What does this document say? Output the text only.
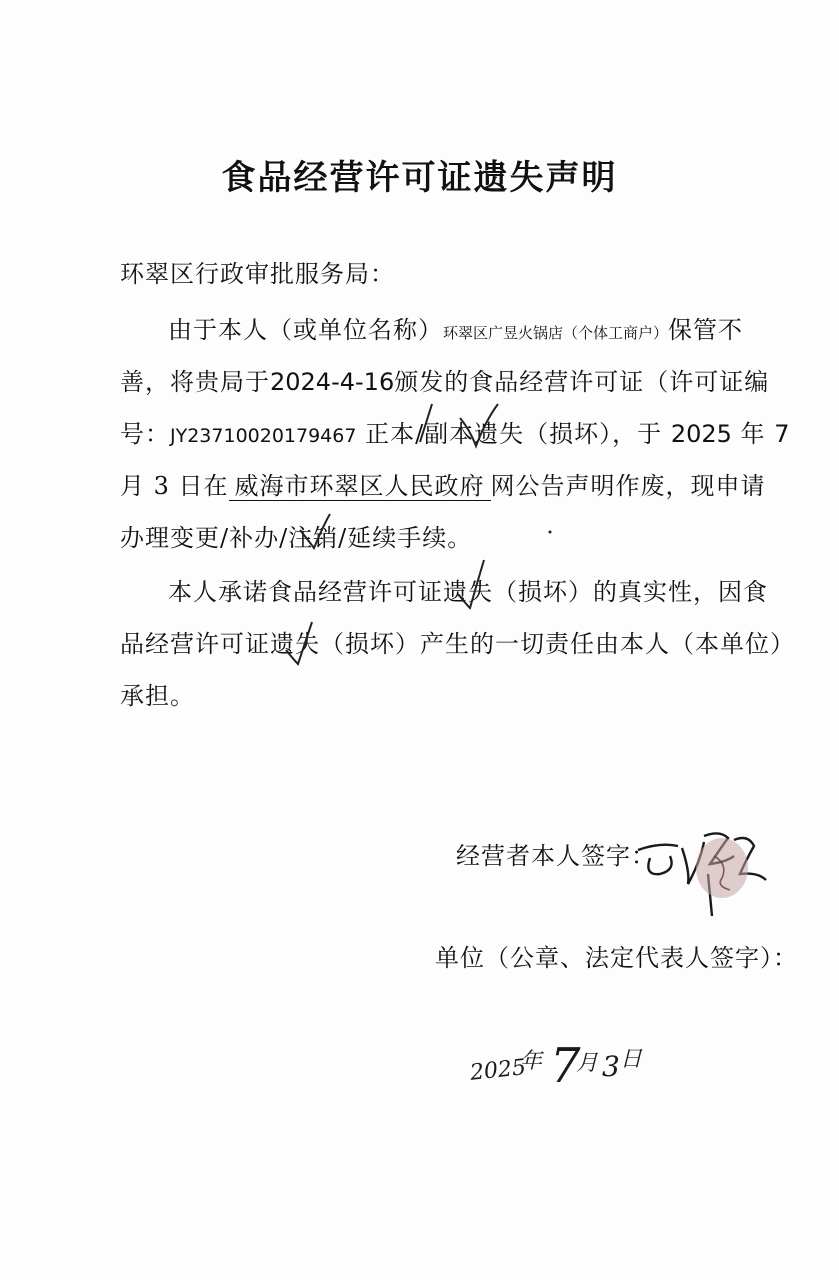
食品经营许可证遗失声明
环翠区行政审批服务局：
由于本人（或单位名称）环翠区广昱火锅店（个体工商户）保管不
善，将贵局于2024-4-16颁发的食品经营许可证（许可证编
号：JY23710020179467 正本/副本遗失（损坏），于 2025 年 7
月 3 日在 威海市环翠区人民政府 网公告声明作废，现申请
办理变更/补办/注销/延续手续。
本人承诺食品经营许可证遗失（损坏）的真实性，因食
品经营许可证遗失（损坏）产生的一切责任由本人（本单位）
承担。
经营者本人签字：
单位（公章、法定代表人签字）：
2025
年 7
月 3 日
